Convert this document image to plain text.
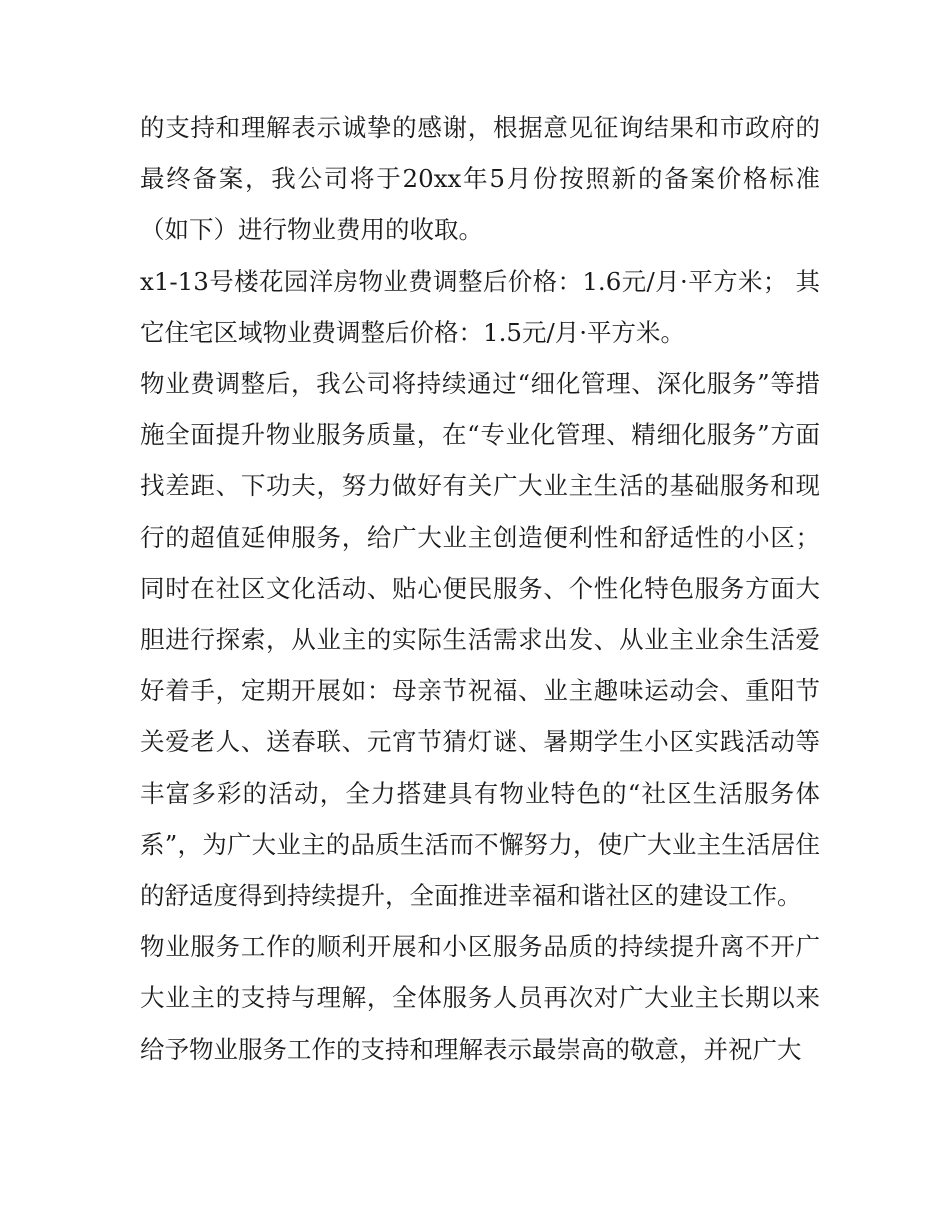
的支持和理解表示诚挚的感谢，根据意见征询结果和市政府的最终备案，我公司将于20xx年5月份按照新的备案价格标准（如下）进行物业费用的收取。

x1-13号楼花园洋房物业费调整后价格：1.6元/月·平方米； 其它住宅区域物业费调整后价格：1.5元/月·平方米。

物业费调整后，我公司将持续通过“细化管理、深化服务”等措施全面提升物业服务质量，在“专业化管理、精细化服务”方面找差距、下功夫，努力做好有关广大业主生活的基础服务和现行的超值延伸服务，给广大业主创造便利性和舒适性的小区；同时在社区文化活动、贴心便民服务、个性化特色服务方面大胆进行探索，从业主的实际生活需求出发、从业主业余生活爱好着手，定期开展如：母亲节祝福、业主趣味运动会、重阳节关爱老人、送春联、元宵节猜灯谜、暑期学生小区实践活动等丰富多彩的活动，全力搭建具有物业特色的“社区生活服务体系”，为广大业主的品质生活而不懈努力，使广大业主生活居住的舒适度得到持续提升，全面推进幸福和谐社区的建设工作。

物业服务工作的顺利开展和小区服务品质的持续提升离不开广大业主的支持与理解，全体服务人员再次对广大业主长期以来给予物业服务工作的支持和理解表示最崇高的敬意，并祝广大
